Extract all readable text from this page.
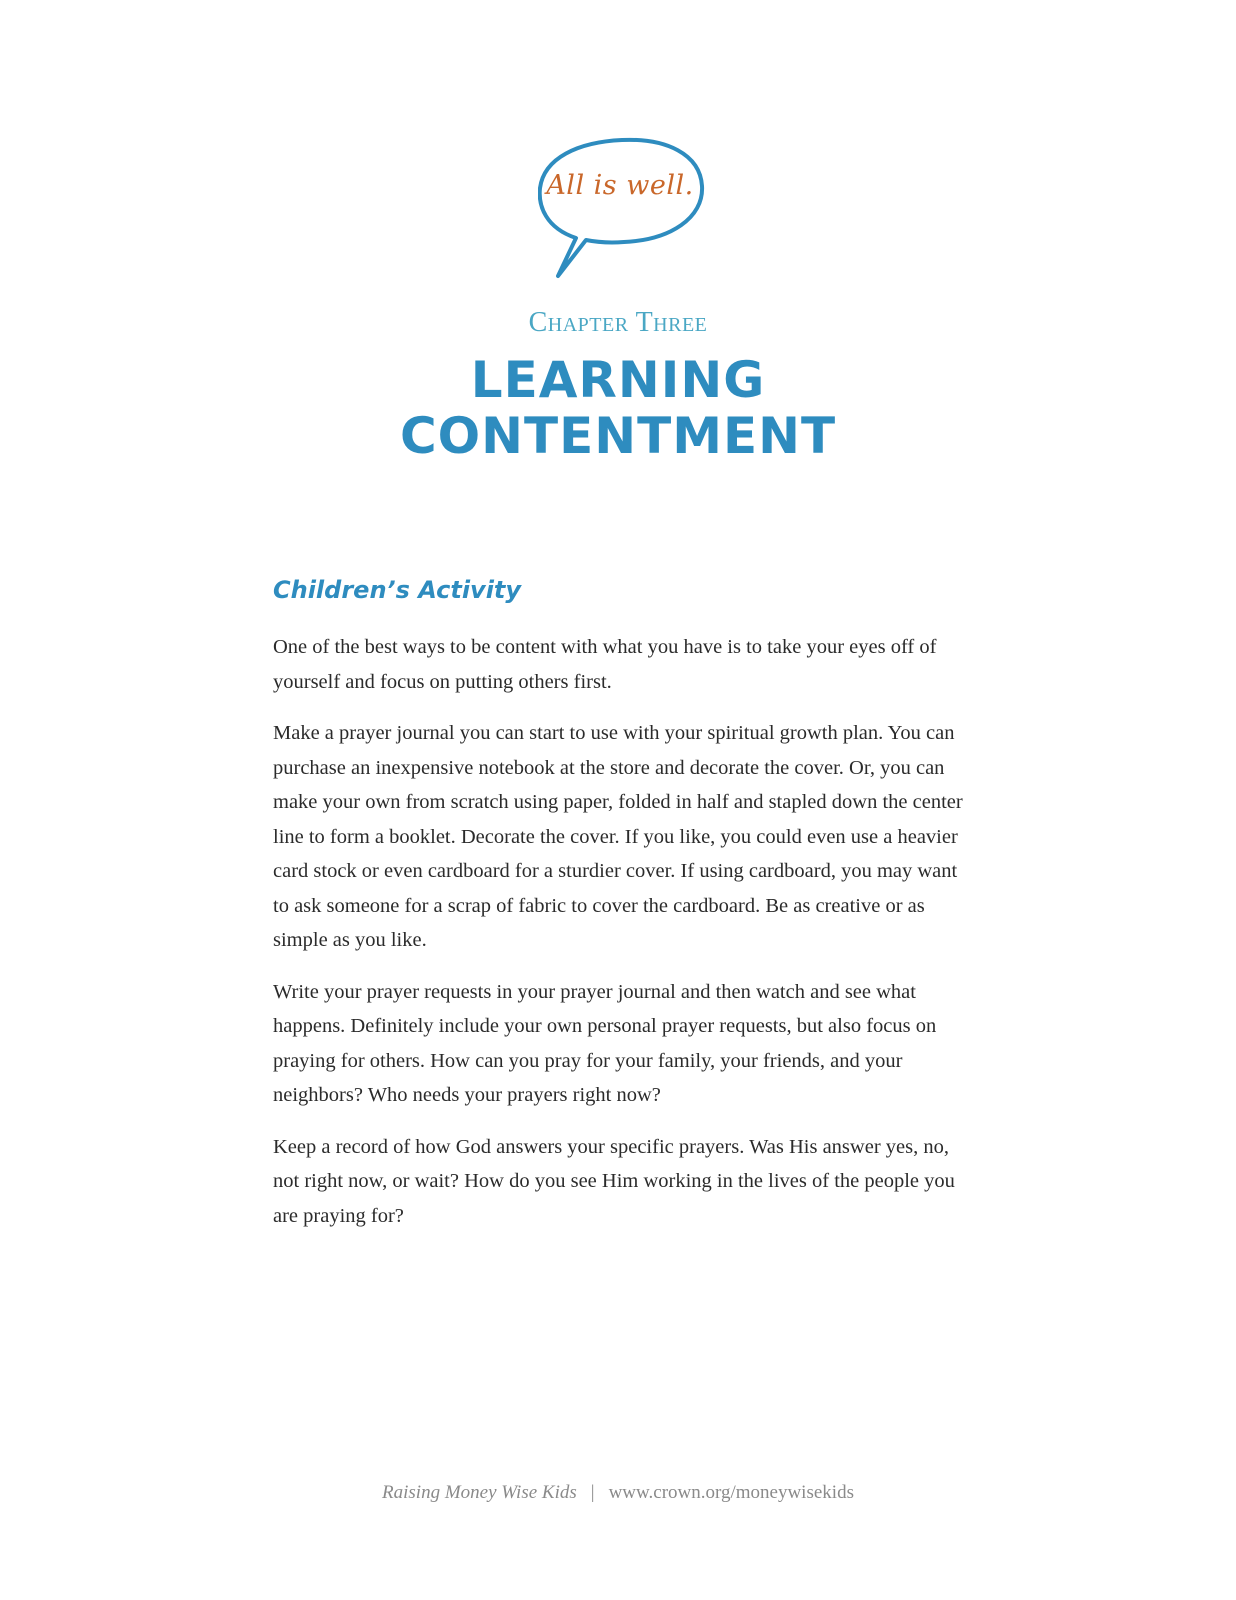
All is well.
Chapter Three
LEARNING
CONTENTMENT
Children’s Activity

One of the best ways to be content with what you have is to take your eyes off of yourself and focus on putting others first.

Make a prayer journal you can start to use with your spiritual growth plan. You can purchase an inexpensive notebook at the store and decorate the cover. Or, you can make your own from scratch using paper, folded in half and stapled down the center line to form a booklet. Decorate the cover. If you like, you could even use a heavier card stock or even cardboard for a sturdier cover. If using cardboard, you may want to ask someone for a scrap of fabric to cover the cardboard. Be as creative or as simple as you like.

Write your prayer requests in your prayer journal and then watch and see what happens. Definitely include your own personal prayer requests, but also focus on praying for others. How can you pray for your family, your friends, and your neighbors? Who needs your prayers right now?

Keep a record of how God answers your specific prayers. Was His answer yes, no, not right now, or wait? How do you see Him working in the lives of the people you are praying for?

Raising Money Wise Kids | www.crown.org/moneywisekids
